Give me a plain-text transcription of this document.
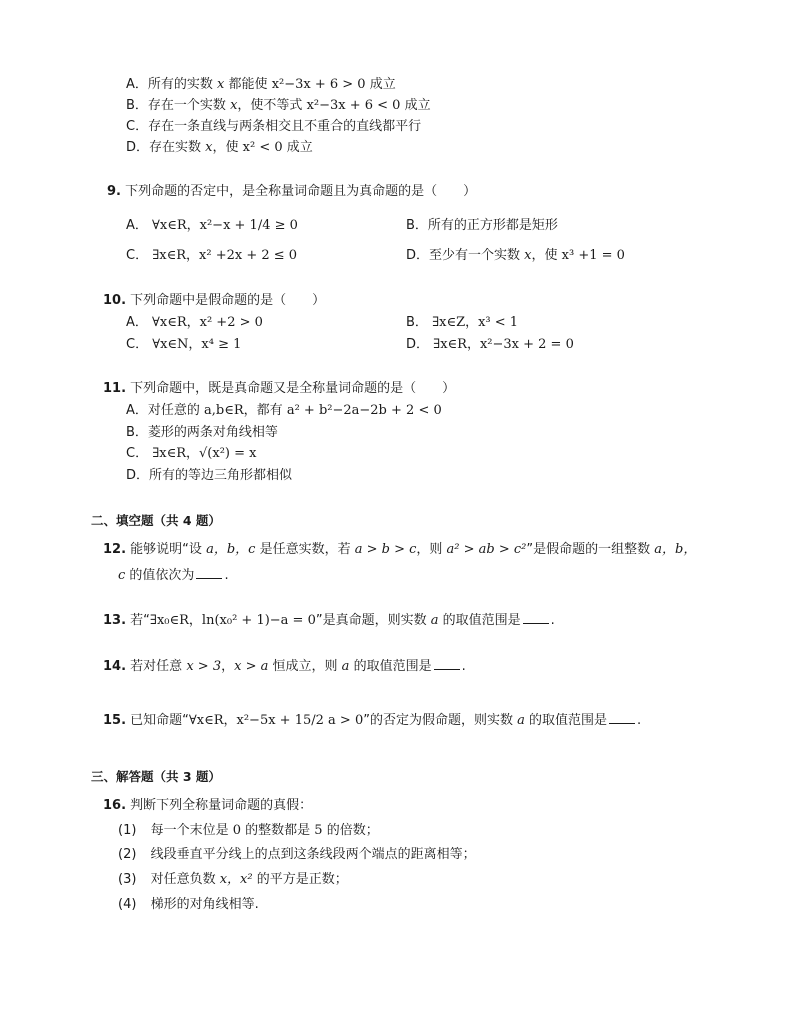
A．所有的实数 x 都能使 x²−3x + 6 > 0 成立
B．存在一个实数 x，使不等式 x²−3x + 6 < 0 成立
C．存在一条直线与两条相交且不重合的直线都平行
D．存在实数 x，使 x² < 0 成立
9. 下列命题的否定中，是全称量词命题且为真命题的是（　　）
A． ∀x∈R，x²−x + 1/4 ≥ 0	B．所有的正方形都是矩形
C． ∃x∈R，x² +2x + 2 ≤ 0	D．至少有一个实数 x，使 x³ +1 = 0
10. 下列命题中是假命题的是（　　）
A． ∀x∈R，x² +2 > 0	B． ∃x∈Z，x³ < 1
C． ∀x∈N，x⁴ ≥ 1	D． ∃x∈R，x²−3x + 2 = 0
11. 下列命题中，既是真命题又是全称量词命题的是（　　）
A．对任意的 a,b∈R，都有 a² + b²−2a−2b + 2 < 0
B．菱形的两条对角线相等
C． ∃x∈R，√(x²) = x
D．所有的等边三角形都相似
二、填空题（共 4 题）
12. 能够说明“设 a，b，c 是任意实数，若 a > b > c，则 a² > ab > c²”是假命题的一组整数 a，b，
c 的值依次为 .
13. 若“∃x₀∈R，ln(x₀² + 1)−a = 0”是真命题，则实数 a 的取值范围是 .
14. 若对任意 x > 3，x > a 恒成立，则 a 的取值范围是 .
15. 已知命题“∀x∈R，x²−5x + 15/2 a > 0”的否定为假命题，则实数 a 的取值范围是 .
三、解答题（共 3 题）
16. 判断下列全称量词命题的真假：
(1) 每一个末位是 0 的整数都是 5 的倍数；
(2) 线段垂直平分线上的点到这条线段两个端点的距离相等；
(3) 对任意负数 x，x² 的平方是正数；
(4) 梯形的对角线相等.
